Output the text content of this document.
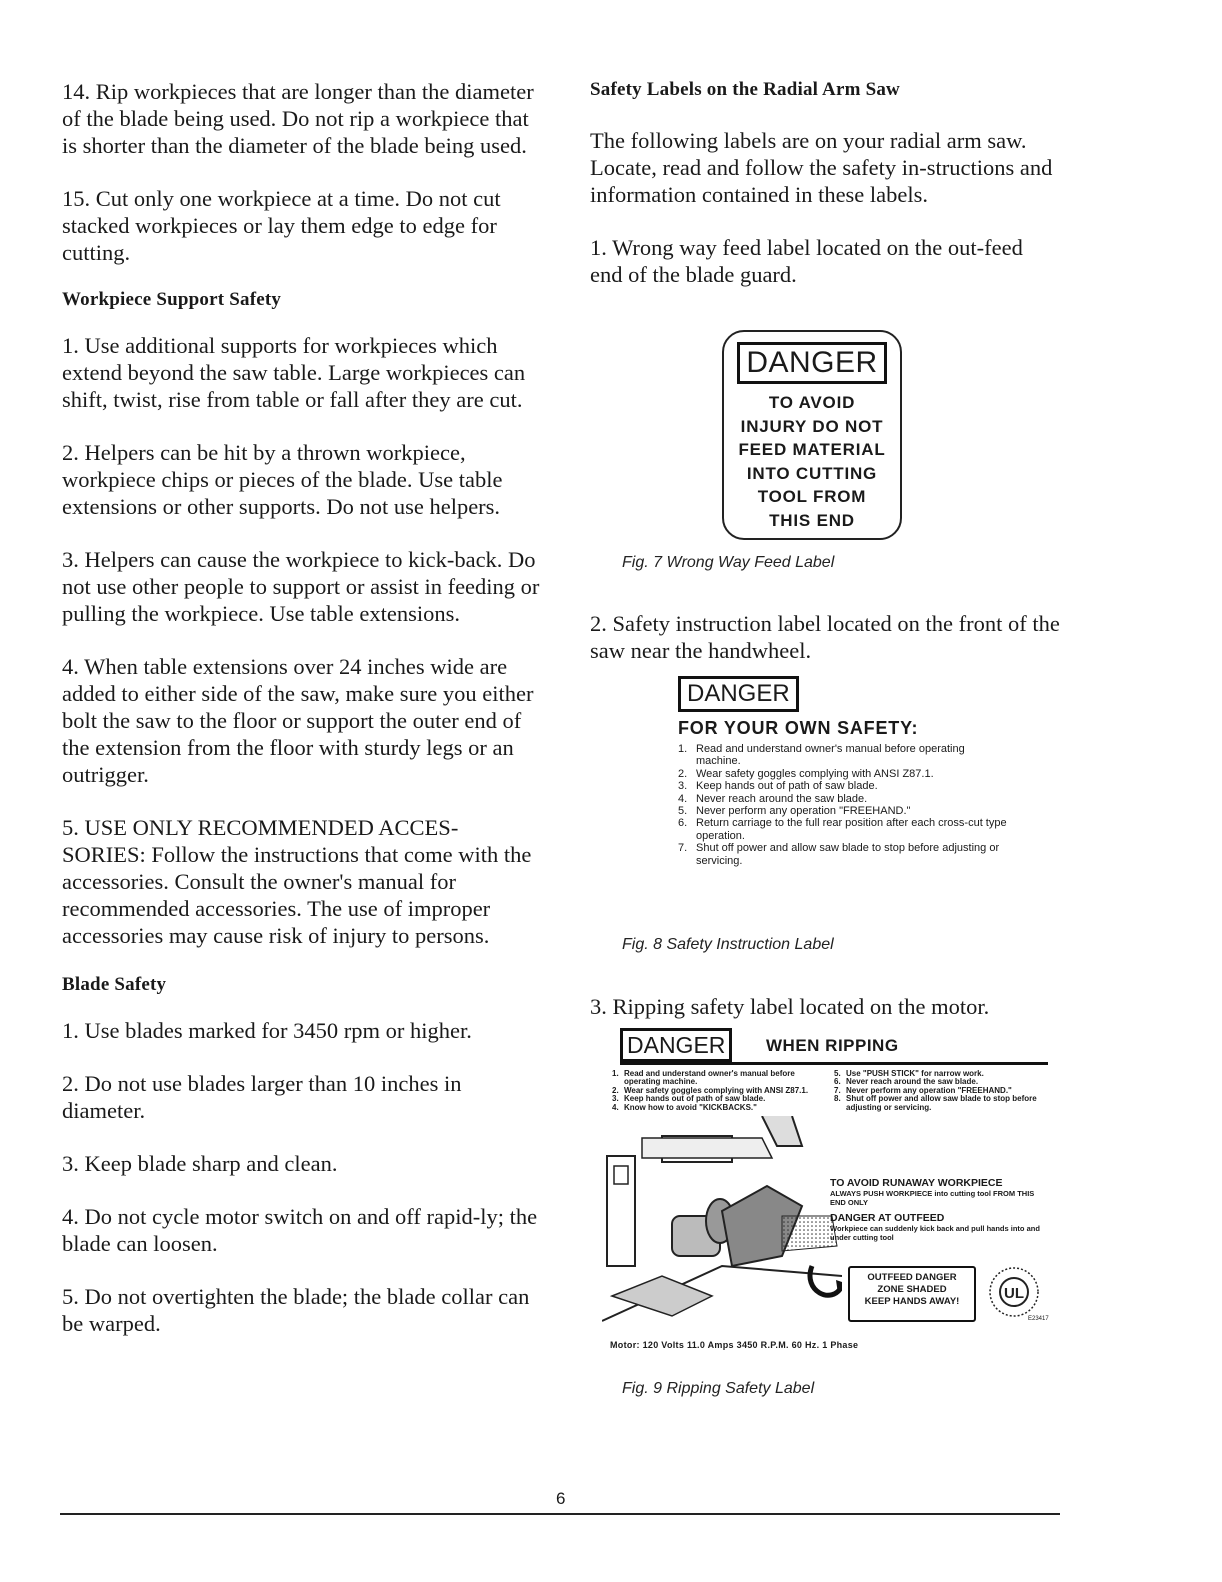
14. Rip workpieces that are longer than the diameter of the blade being used. Do not rip a workpiece that is shorter than the diameter of the blade being used.

15. Cut only one workpiece at a time. Do not cut stacked workpieces or lay them edge to edge for cutting.

Workpiece Support Safety

1. Use additional supports for workpieces which extend beyond the saw table. Large workpieces can shift, twist, rise from table or fall after they are cut.

2. Helpers can be hit by a thrown workpiece, workpiece chips or pieces of the blade. Use table extensions or other supports. Do not use helpers.

3. Helpers can cause the workpiece to kick-back. Do not use other people to support or assist in feeding or pulling the workpiece. Use table extensions.

4. When table extensions over 24 inches wide are added to either side of the saw, make sure you either bolt the saw to the floor or support the outer end of the extension from the floor with sturdy legs or an outrigger.

5. USE ONLY RECOMMENDED ACCES-SORIES: Follow the instructions that come with the accessories. Consult the owner's manual for recommended accessories. The use of improper accessories may cause risk of injury to persons.

Blade Safety

1. Use blades marked for 3450 rpm or higher.

2. Do not use blades larger than 10 inches in diameter.

3. Keep blade sharp and clean.

4. Do not cycle motor switch on and off rapid-ly; the blade can loosen.

5. Do not overtighten the blade; the blade collar can be warped.

Safety Labels on the Radial Arm Saw

The following labels are on your radial arm saw. Locate, read and follow the safety in-structions and information contained in these labels.

1. Wrong way feed label located on the out-feed end of the blade guard.

2. Safety instruction label located on the front of the saw near the handwheel.

3. Ripping safety label located on the motor.

DANGER
TO AVOID
INJURY DO NOT
FEED MATERIAL
INTO CUTTING
TOOL FROM
THIS END
Fig. 7 Wrong Way Feed Label
DANGER
FOR YOUR OWN SAFETY:
1. Read and understand owner's manual before operating machine.
2. Wear safety goggles complying with ANSI Z87.1.
3. Keep hands out of path of saw blade.
4. Never reach around the saw blade.
5. Never perform any operation "FREEHAND."
6. Return carriage to the full rear position after each cross-cut type operation.
7. Shut off power and allow saw blade to stop before adjusting or servicing.
Fig. 8 Safety Instruction Label
DANGER	WHEN RIPPING
1. Read and understand owner's manual before operating machine.
2. Wear safety goggles complying with ANSI Z87.1.
3. Keep hands out of path of saw blade.
4. Know how to avoid "KICKBACKS."
5. Use "PUSH STICK" for narrow work.
6. Never reach around the saw blade.
7. Never perform any operation "FREEHAND."
8. Shut off power and allow saw blade to stop before adjusting or servicing.
TO AVOID RUNAWAY WORKPIECE
ALWAYS PUSH WORKPIECE into cutting tool FROM THIS END ONLY
DANGER AT OUTFEED
Workpiece can suddenly kick back and pull hands into and under cutting tool
OUTFEED DANGER
ZONE SHADED
KEEP HANDS AWAY!	UL
E23417
Motor: 120 Volts 11.0 Amps 3450 R.P.M. 60 Hz. 1 Phase
Fig. 9 Ripping Safety Label
6
